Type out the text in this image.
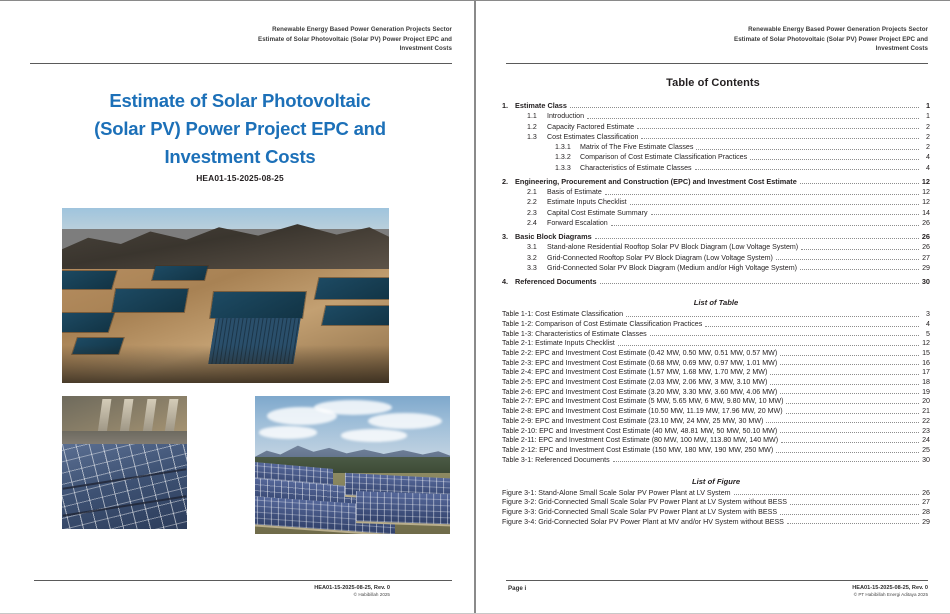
Renewable Energy Based Power Generation Projects Sector
Estimate of Solar Photovoltaic (Solar PV) Power Project EPC and
Investment Costs
Estimate of Solar Photovoltaic
(Solar PV) Power Project EPC and
Investment Costs
HEA01-15-2025-08-25
HEA01-15-2025-08-25, Rev. 0
© Habibillah 2025
Renewable Energy Based Power Generation Projects Sector
Estimate of Solar Photovoltaic (Solar PV) Power Project EPC and
Investment Costs
Table of Contents
1. Estimate Class	1
1.1	Introduction	1
1.2	Capacity Factored Estimate	2
1.3	Cost Estimates Classification	2
1.3.1	Matrix of The Five Estimate Classes	2
1.3.2	Comparison of Cost Estimate Classification Practices	4
1.3.3	Characteristics of Estimate Classes	4
2. Engineering, Procurement and Construction (EPC) and Investment Cost Estimate	12
2.1	Basis of Estimate	12
2.2	Estimate Inputs Checklist	12
2.3	Capital Cost Estimate Summary	14
2.4	Forward Escalation	26
3. Basic Block Diagrams	26
3.1	Stand-alone Residential Rooftop Solar PV Block Diagram (Low Voltage System)	26
3.2	Grid-Connected Rooftop Solar PV Block Diagram (Low Voltage System)	27
3.3	Grid-Connected Solar PV Block Diagram (Medium and/or High Voltage System)	29
4. Referenced Documents	30
List of Table
Table 1-1: Cost Estimate Classification	3
Table 1-2: Comparison of Cost Estimate Classification Practices	4
Table 1-3: Characteristics of Estimate Classes	5
Table 2-1: Estimate Inputs Checklist	12
Table 2-2: EPC and Investment Cost Estimate (0.42 MW, 0.50 MW, 0.51 MW, 0.57 MW)	15
Table 2-3: EPC and Investment Cost Estimate (0.68 MW, 0.69 MW, 0.97 MW, 1.01 MW)	16
Table 2-4: EPC and Investment Cost Estimate (1.57 MW, 1.68 MW, 1.70 MW, 2 MW)	17
Table 2-5: EPC and Investment Cost Estimate (2.03 MW, 2.06 MW, 3 MW, 3.10 MW)	18
Table 2-6: EPC and Investment Cost Estimate (3.20 MW, 3.30 MW, 3.60 MW, 4.06 MW)	19
Table 2-7: EPC and Investment Cost Estimate (5 MW, 5.65 MW, 6 MW, 9.80 MW, 10 MW)	20
Table 2-8: EPC and Investment Cost Estimate (10.50 MW, 11.19 MW, 17.96 MW, 20 MW)	21
Table 2-9: EPC and Investment Cost Estimate (23.10 MW, 24 MW, 25 MW, 30 MW)	22
Table 2-10: EPC and Investment Cost Estimate (40 MW, 48.81 MW, 50 MW, 50.10 MW)	23
Table 2-11: EPC and Investment Cost Estimate (80 MW, 100 MW, 113.80 MW, 140 MW)	24
Table 2-12: EPC and Investment Cost Estimate (150 MW, 180 MW, 190 MW, 250 MW)	25
Table 3-1: Referenced Documents	30
List of Figure
Figure 3-1: Stand-Alone Small Scale Solar PV Power Plant at LV System	26
Figure 3-2: Grid-Connected Small Scale Solar PV Power Plant at LV System without BESS	27
Figure 3-3: Grid-Connected Small Scale Solar PV Power Plant at LV System with BESS	28
Figure 3-4: Grid-Connected Solar PV Power Plant at MV and/or HV System without BESS	29
Page i	HEA01-15-2025-08-25, Rev. 0
© PT Habibillah Energi Aditaya 2025
